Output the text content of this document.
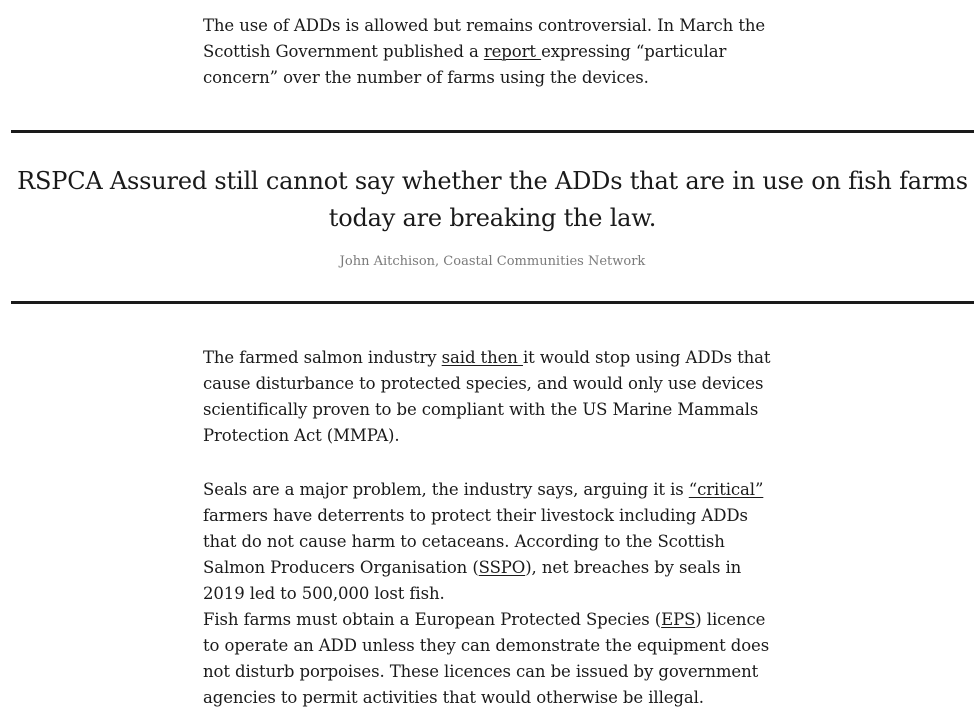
The use of ADDs is allowed but remains controversial. In March the Scottish Government published a report expressing “particular concern” over the number of farms using the devices.

RSPCA Assured still cannot say whether the ADDs that are in use on fish farms today are breaking the law.

John Aitchison, Coastal Communities Network

The farmed salmon industry said then it would stop using ADDs that cause disturbance to protected species, and would only use devices scientifically proven to be compliant with the US Marine Mammals Protection Act (MMPA).

Seals are a major problem, the industry says, arguing it is “critical” farmers have deterrents to protect their livestock including ADDs that do not cause harm to cetaceans. According to the Scottish Salmon Producers Organisation (SSPO), net breaches by seals in 2019 led to 500,000 lost fish.

Fish farms must obtain a European Protected Species (EPS) licence to operate an ADD unless they can demonstrate the equipment does not disturb porpoises. These licences can be issued by government agencies to permit activities that would otherwise be illegal.
